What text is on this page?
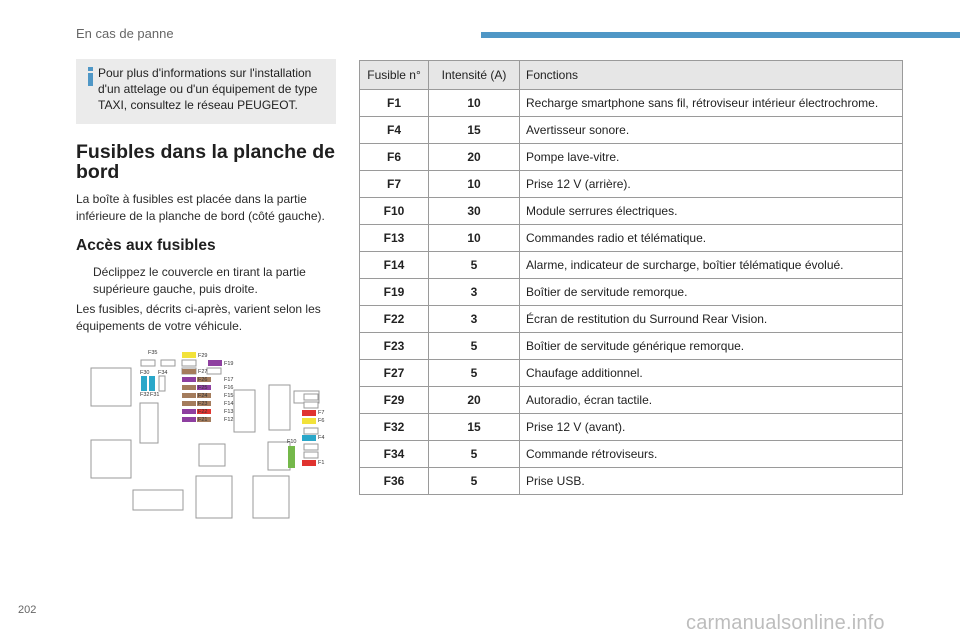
En cas de panne
Pour plus d'informations sur l'installation d'un attelage ou d'un équipement de type TAXI, consultez le réseau PEUGEOT.
Fusibles dans la planche de bord
La boîte à fusibles est placée dans la partie inférieure de la planche de bord (côté gauche).
Accès aux fusibles
Déclippez le couvercle en tirant la partie supérieure gauche, puis droite.
Les fusibles, décrits ci-après, varient selon les équipements de votre véhicule.
F35	F29
F19
F27
F30 F34
F26	F17
F16
F25
F15
F32 F31	F24
F14
F23
F13
F22
F12
F21
F7
F6
F10
F4
F1
Fusible n°	Intensité (A)	Fonctions
F1	10	Recharge smartphone sans fil, rétroviseur intérieur électrochrome.
F4	15	Avertisseur sonore.
F6	20	Pompe lave-vitre.
F7	10	Prise 12 V (arrière).
F10	30	Module serrures électriques.
F13	10	Commandes radio et télématique.
F14	5	Alarme, indicateur de surcharge, boîtier télématique évolué.
F19	3	Boîtier de servitude remorque.
F22	3	Écran de restitution du Surround Rear Vision.
F23	5	Boîtier de servitude générique remorque.
F27	5	Chaufage additionnel.
F29	20	Autoradio, écran tactile.
F32	15	Prise 12 V (avant).
F34	5	Commande rétroviseurs.
F36	5	Prise USB.
202
carmanualsonline.info
